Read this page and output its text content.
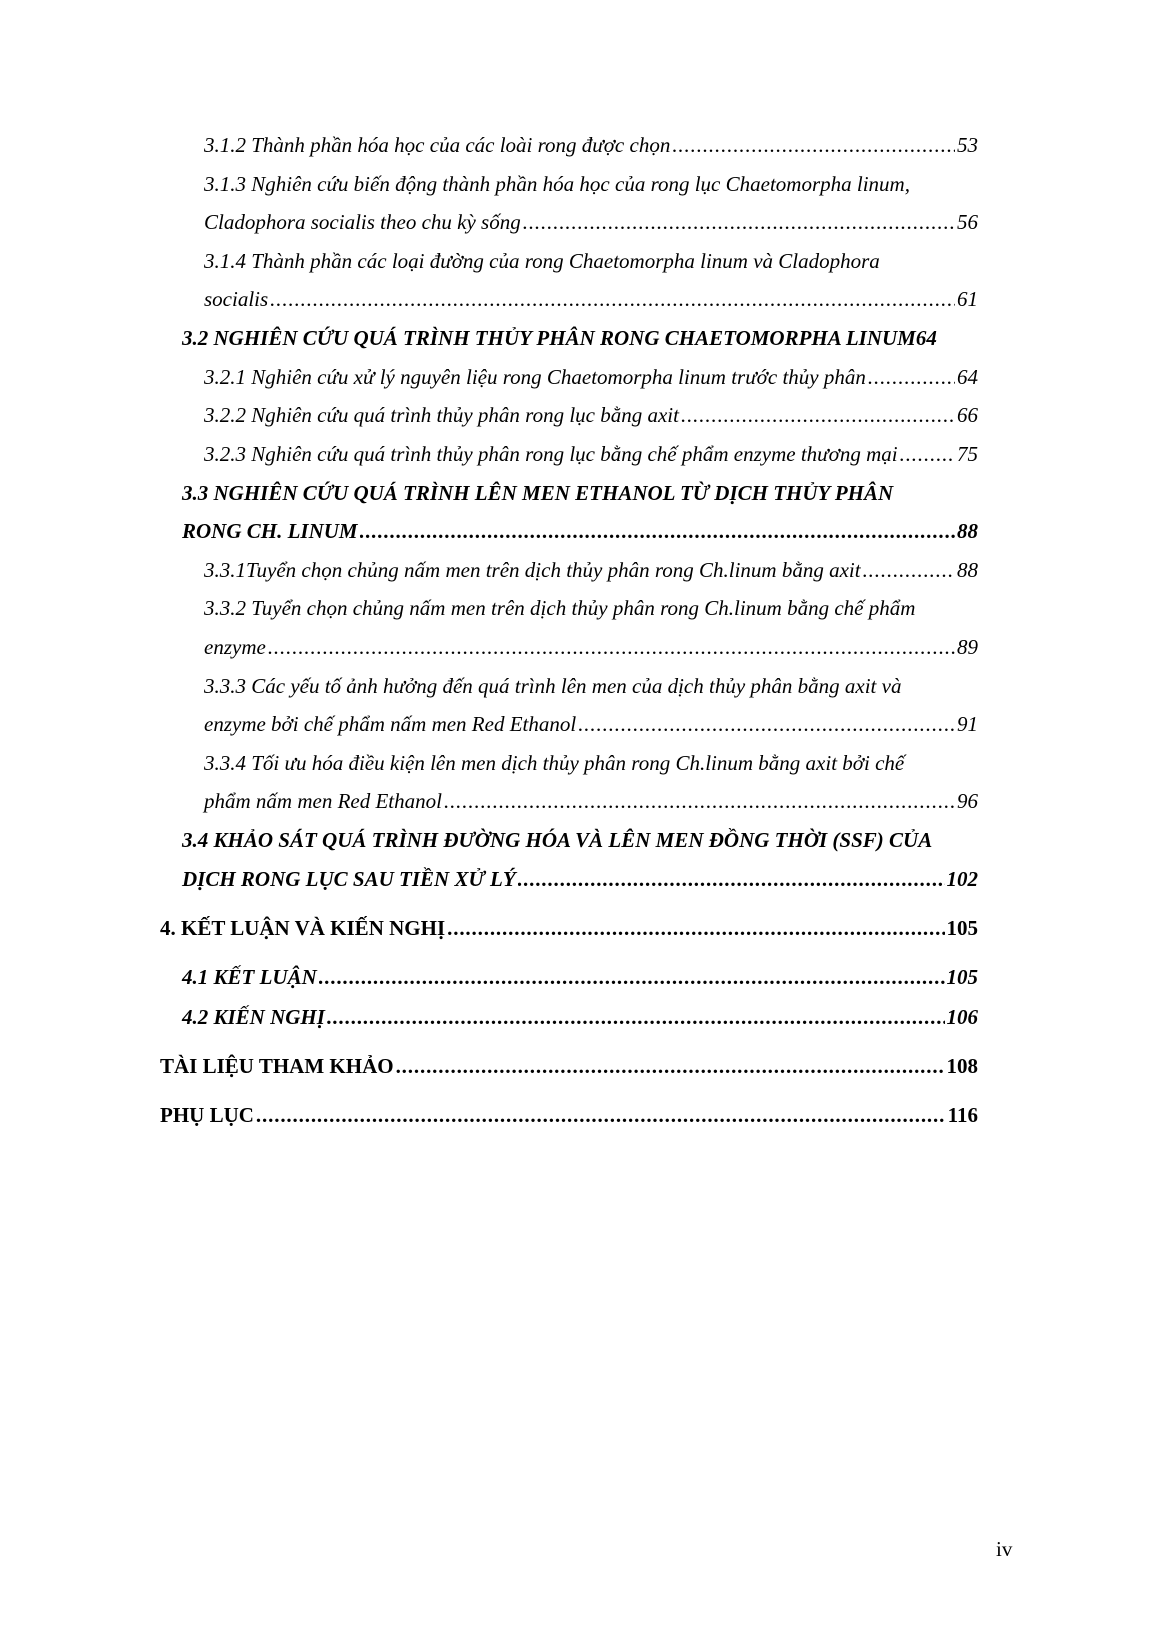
3.1.2 Thành phần hóa học của các loài rong được chọn . . .	53
3.1.3 Nghiên cứu biến động thành phần hóa học của rong lục Chaetomorpha linum,
Cladophora socialis theo chu kỳ sống . . .	56
3.1.4 Thành phần các loại đường của rong Chaetomorpha linum và Cladophora
socialis . . .	61
3.2 NGHIÊN CỨU QUÁ TRÌNH THỦY PHÂN RONG CHAETOMORPHA LINUM 64
3.2.1 Nghiên cứu xử lý nguyên liệu rong Chaetomorpha linum trước thủy phân . . .	64
3.2.2 Nghiên cứu quá trình thủy phân rong lục bằng axit . . .	66
3.2.3 Nghiên cứu quá trình thủy phân rong lục bằng chế phẩm enzyme thương mại . . .	75
3.3 NGHIÊN CỨU QUÁ TRÌNH LÊN MEN ETHANOL TỪ DỊCH THỦY PHÂN
RONG CH. LINUM . . .	88
3.3.1Tuyển chọn chủng nấm men trên dịch thủy phân rong Ch.linum bằng axit . . .	88
3.3.2 Tuyển chọn chủng nấm men trên dịch thủy phân rong Ch.linum bằng chế phẩm
enzyme . . .	89
3.3.3 Các yếu tố ảnh hưởng đến quá trình lên men của dịch thủy phân bằng axit và
enzyme bởi chế phẩm nấm men Red Ethanol . . .	91
3.3.4 Tối ưu hóa điều kiện lên men dịch thủy phân rong Ch.linum bằng axit bởi chế
phẩm nấm men Red Ethanol . . .	96
3.4 KHẢO SÁT QUÁ TRÌNH ĐƯỜNG HÓA VÀ LÊN MEN ĐỒNG THỜI (SSF) CỦA
DỊCH RONG LỤC SAU TIỀN XỬ LÝ . . .	102
4. KẾT LUẬN VÀ KIẾN NGHỊ . . .	105
4.1 KẾT LUẬN . . .	105
4.2 KIẾN NGHỊ . . .	106
TÀI LIỆU THAM KHẢO . . .	108
PHỤ LỤC . . .	116
iv
